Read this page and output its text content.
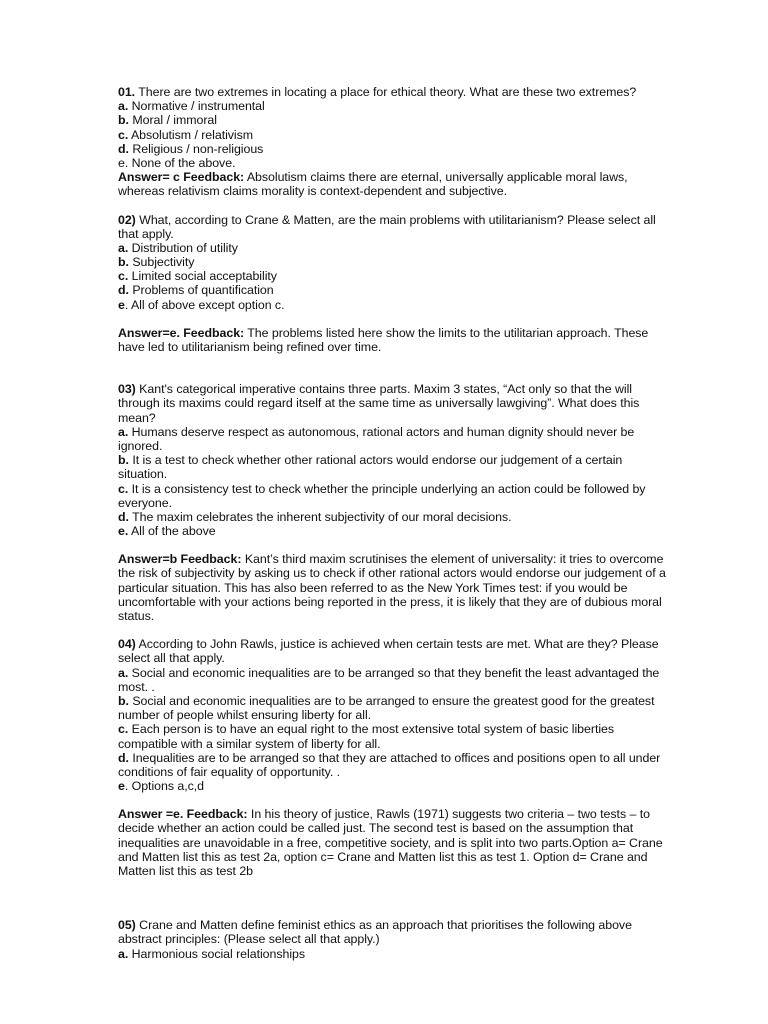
01. There are two extremes in locating a place for ethical theory. What are these two extremes?
a. Normative / instrumental
b. Moral / immoral
c. Absolutism / relativism
d. Religious / non-religious
e. None of the above.
Answer= c Feedback: Absolutism claims there are eternal, universally applicable moral laws,
whereas relativism claims morality is context-dependent and subjective.
02) What, according to Crane & Matten, are the main problems with utilitarianism? Please select all
that apply.
a. Distribution of utility
b. Subjectivity
c. Limited social acceptability
d. Problems of quantification
e. All of above except option c.
Answer=e. Feedback: The problems listed here show the limits to the utilitarian approach. These
have led to utilitarianism being refined over time.
03) Kant's categorical imperative contains three parts. Maxim 3 states, “Act only so that the will
through its maxims could regard itself at the same time as universally lawgiving”. What does this
mean?
a. Humans deserve respect as autonomous, rational actors and human dignity should never be
ignored.
b. It is a test to check whether other rational actors would endorse our judgement of a certain
situation.
c. It is a consistency test to check whether the principle underlying an action could be followed by
everyone.
d. The maxim celebrates the inherent subjectivity of our moral decisions.
e. All of the above
Answer=b Feedback: Kant’s third maxim scrutinises the element of universality: it tries to overcome
the risk of subjectivity by asking us to check if other rational actors would endorse our judgement of a
particular situation. This has also been referred to as the New York Times test: if you would be
uncomfortable with your actions being reported in the press, it is likely that they are of dubious moral
status.
04) According to John Rawls, justice is achieved when certain tests are met. What are they? Please
select all that apply.
a. Social and economic inequalities are to be arranged so that they benefit the least advantaged the
most. .
b. Social and economic inequalities are to be arranged to ensure the greatest good for the greatest
number of people whilst ensuring liberty for all.
c. Each person is to have an equal right to the most extensive total system of basic liberties
compatible with a similar system of liberty for all.
d. Inequalities are to be arranged so that they are attached to offices and positions open to all under
conditions of fair equality of opportunity. .
e. Options a,c,d
Answer =e. Feedback: In his theory of justice, Rawls (1971) suggests two criteria – two tests – to
decide whether an action could be called just. The second test is based on the assumption that
inequalities are unavoidable in a free, competitive society, and is split into two parts.Option a= Crane
and Matten list this as test 2a, option c= Crane and Matten list this as test 1. Option d= Crane and
Matten list this as test 2b
05) Crane and Matten define feminist ethics as an approach that prioritises the following above
abstract principles: (Please select all that apply.)
a. Harmonious social relationships
